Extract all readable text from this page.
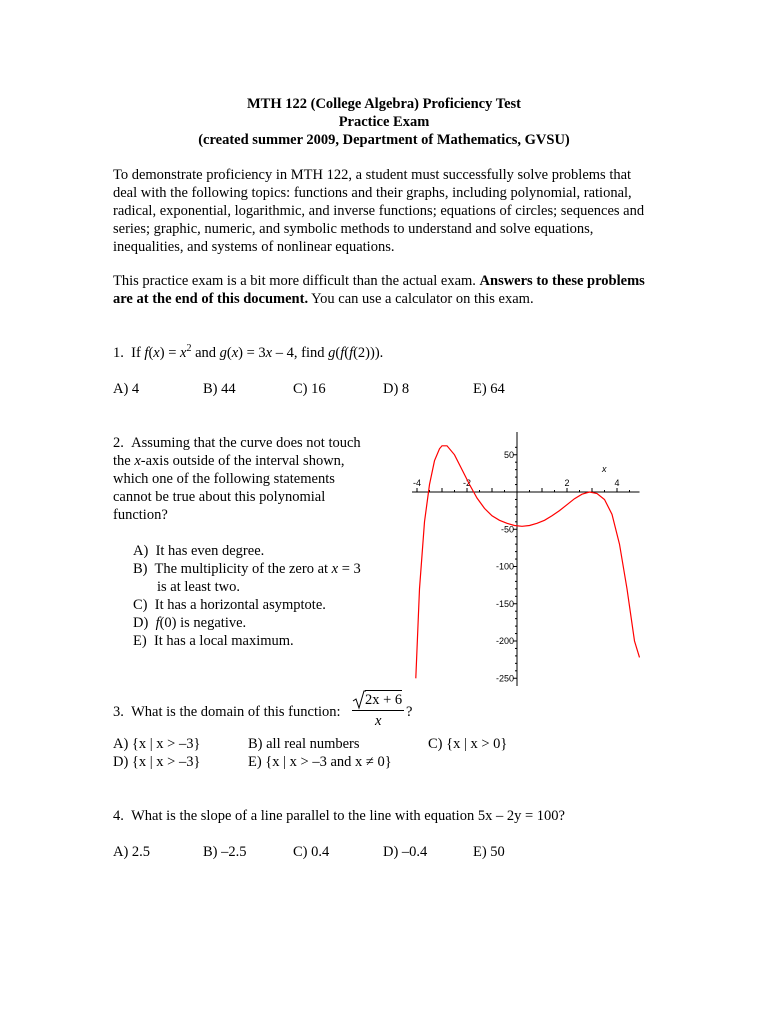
MTH 122 (College Algebra) Proficiency Test
Practice Exam
(created summer 2009, Department of Mathematics, GVSU)
To demonstrate proficiency in MTH 122, a student must successfully solve problems that deal with the following topics: functions and their graphs, including polynomial, rational, radical, exponential, logarithmic, and inverse functions; equations of circles; sequences and series; graphic, numeric, and symbolic methods to understand and solve equations, inequalities, and systems of nonlinear equations.
This practice exam is a bit more difficult than the actual exam. Answers to these problems are at the end of this document. You can use a calculator on this exam.
1. If $f(x) = x^2$ and g(x) = 3x – 4, find g(f(f(2))).
A) 4	B) 44	C) 16	D) 8	E) 64
2. Assuming that the curve does not touch
the x-axis outside of the interval shown,
which one of the following statements
cannot be true about this polynomial
function?
A) It has even degree.
B) The multiplicity of the zero at x = 3
is at least two.
C) It has a horizontal asymptote.
D) f(0) is negative.
E) It has a local maximum.
-4	-2	2	4
x
50
-50
-100
-150
-200
-250
3. What is the domain of this function:
2x + 6
x
?
A) {x | x > –3}	B) all real numbers	C) {x | x > 0}
D) {x | x > –3}	E) {x | x > –3 and x ≠ 0}
4. What is the slope of a line parallel to the line with equation 5x – 2y = 100?
A) 2.5	B) –2.5	C) 0.4	D) –0.4	E) 50
